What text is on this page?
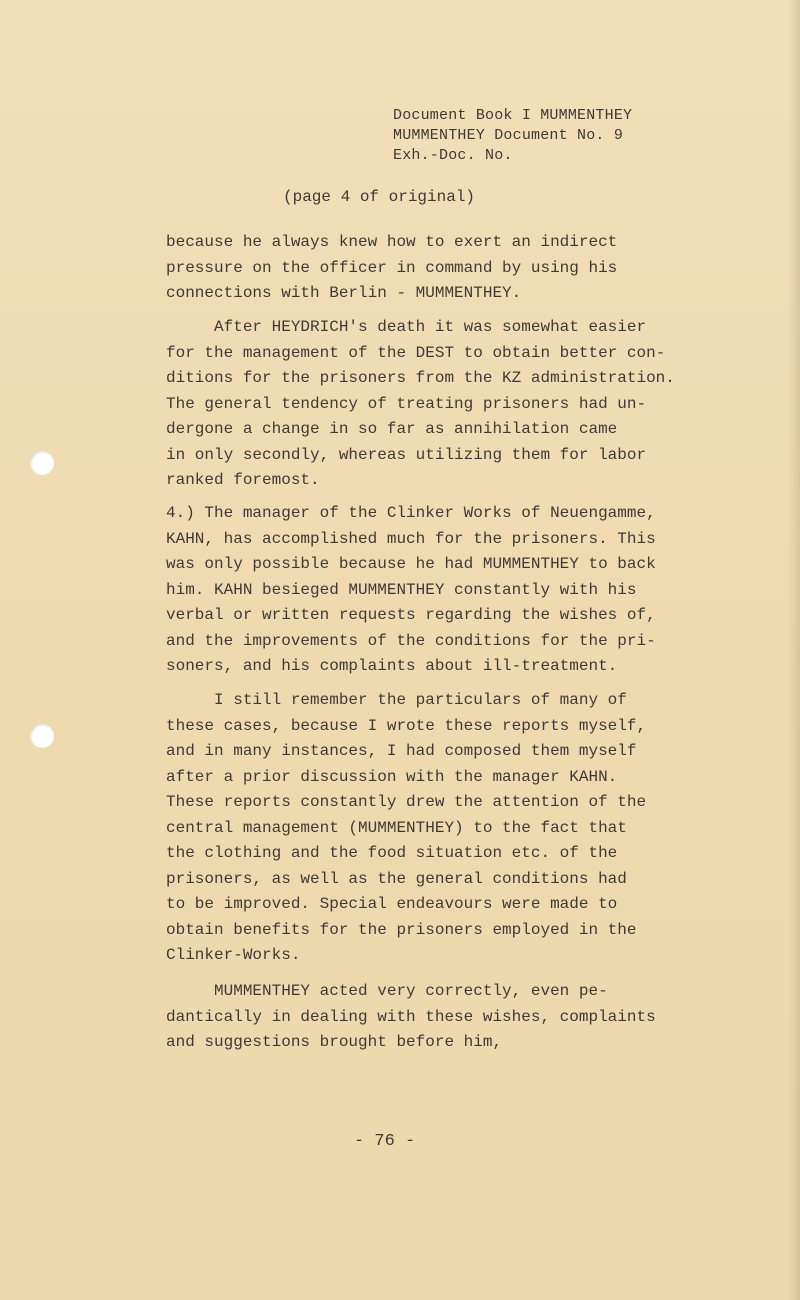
Document Book I MUMMENTHEY
MUMMENTHEY Document No. 9
Exh.-Doc. No.
(page 4 of original)
because he always knew how to exert an indirect
pressure on the officer in command by using his
connections with Berlin - MUMMENTHEY.
After HEYDRICH's death it was somewhat easier
for the management of the DEST to obtain better con-
ditions for the prisoners from the KZ administration.
The general tendency of treating prisoners had un-
dergone a change in so far as annihilation came
in only secondly, whereas utilizing them for labor
ranked foremost.
4.) The manager of the Clinker Works of Neuengamme,
KAHN, has accomplished much for the prisoners. This
was only possible because he had MUMMENTHEY to back
him. KAHN besieged MUMMENTHEY constantly with his
verbal or written requests regarding the wishes of,
and the improvements of the conditions for the pri-
soners, and his complaints about ill-treatment.
I still remember the particulars of many of
these cases, because I wrote these reports myself,
and in many instances, I had composed them myself
after a prior discussion with the manager KAHN.
These reports constantly drew the attention of the
central management (MUMMENTHEY) to the fact that
the clothing and the food situation etc. of the
prisoners, as well as the general conditions had
to be improved. Special endeavours were made to
obtain benefits for the prisoners employed in the
Clinker-Works.
MUMMENTHEY acted very correctly, even pe-
dantically in dealing with these wishes, complaints
and suggestions brought before him,
- 76 -
